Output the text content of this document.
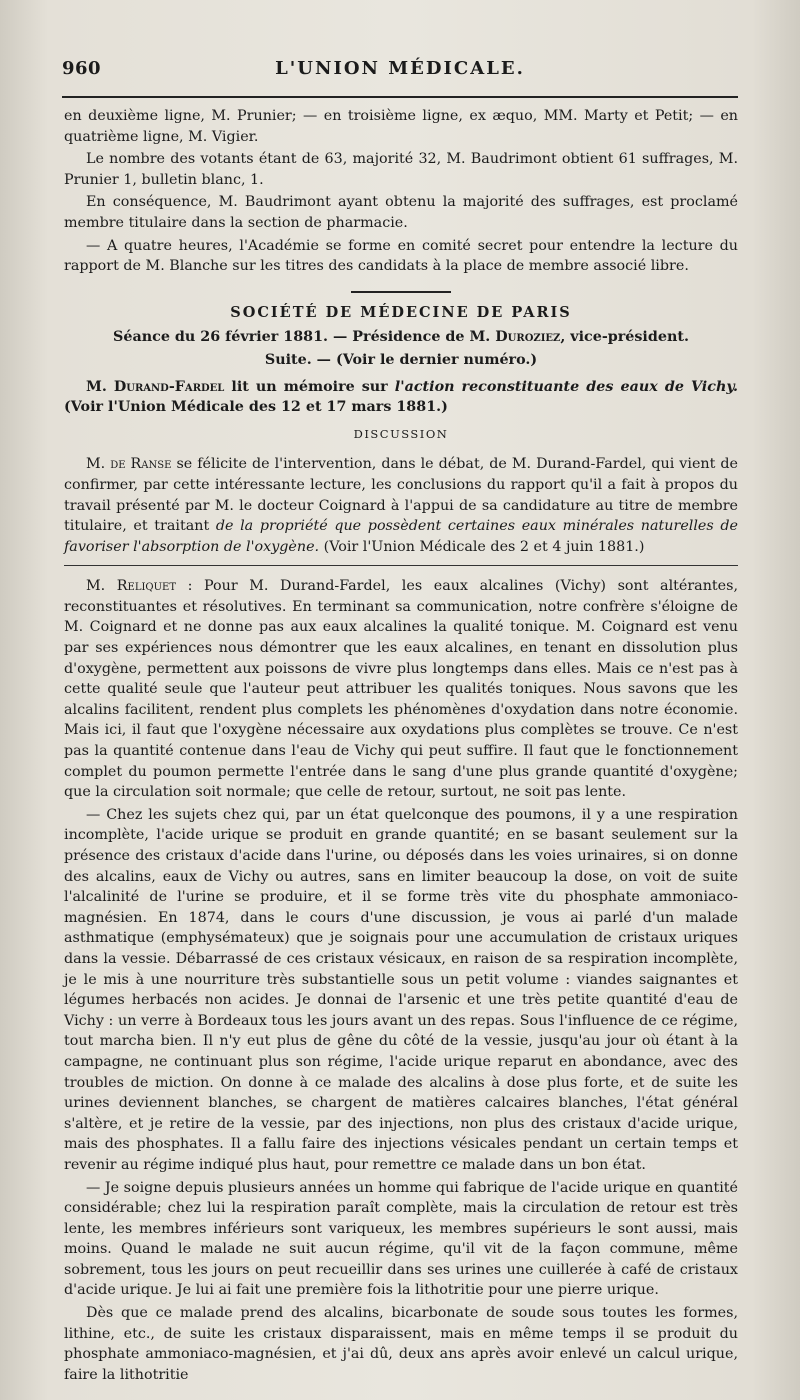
960	L'UNION MÉDICALE.

en deuxième ligne, M. Prunier; — en troisième ligne, ex æquo, MM. Marty et Petit; — en quatrième ligne, M. Vigier.

Le nombre des votants étant de 63, majorité 32, M. Baudrimont obtient 61 suffrages, M. Prunier 1, bulletin blanc, 1.

En conséquence, M. Baudrimont ayant obtenu la majorité des suffrages, est proclamé membre titulaire dans la section de pharmacie.

— A quatre heures, l'Académie se forme en comité secret pour entendre la lecture du rapport de M. Blanche sur les titres des candidats à la place de membre associé libre.

SOCIÉTÉ DE MÉDECINE DE PARIS
Séance du 26 février 1881. — Présidence de M. Duroziez, vice-président.
Suite. — (Voir le dernier numéro.)

M. Durand-Fardel lit un mémoire sur l'action reconstituante des eaux de Vichy. (Voir l'Union Médicale des 12 et 17 mars 1881.)

DISCUSSION

M. de Ranse se félicite de l'intervention, dans le débat, de M. Durand-Fardel, qui vient de confirmer, par cette intéressante lecture, les conclusions du rapport qu'il a fait à propos du travail présenté par M. le docteur Coignard à l'appui de sa candidature au titre de membre titulaire, et traitant de la propriété que possèdent certaines eaux minérales naturelles de favoriser l'absorption de l'oxygène. (Voir l'Union Médicale des 2 et 4 juin 1881.)

M. Reliquet : Pour M. Durand-Fardel, les eaux alcalines (Vichy) sont altérantes, reconstituantes et résolutives. En terminant sa communication, notre confrère s'éloigne de M. Coignard et ne donne pas aux eaux alcalines la qualité tonique. M. Coignard est venu par ses expériences nous démontrer que les eaux alcalines, en tenant en dissolution plus d'oxygène, permettent aux poissons de vivre plus longtemps dans elles. Mais ce n'est pas à cette qualité seule que l'auteur peut attribuer les qualités toniques. Nous savons que les alcalins facilitent, rendent plus complets les phénomènes d'oxydation dans notre économie. Mais ici, il faut que l'oxygène nécessaire aux oxydations plus complètes se trouve. Ce n'est pas la quantité contenue dans l'eau de Vichy qui peut suffire. Il faut que le fonctionnement complet du poumon permette l'entrée dans le sang d'une plus grande quantité d'oxygène; que la circulation soit normale; que celle de retour, surtout, ne soit pas lente.

— Chez les sujets chez qui, par un état quelconque des poumons, il y a une respiration incomplète, l'acide urique se produit en grande quantité; en se basant seulement sur la présence des cristaux d'acide dans l'urine, ou déposés dans les voies urinaires, si on donne des alcalins, eaux de Vichy ou autres, sans en limiter beaucoup la dose, on voit de suite l'alcalinité de l'urine se produire, et il se forme très vite du phosphate ammoniaco-magnésien. En 1874, dans le cours d'une discussion, je vous ai parlé d'un malade asthmatique (emphysémateux) que je soignais pour une accumulation de cristaux uriques dans la vessie. Débarrassé de ces cristaux vésicaux, en raison de sa respiration incomplète, je le mis à une nourriture très substantielle sous un petit volume : viandes saignantes et légumes herbacés non acides. Je donnai de l'arsenic et une très petite quantité d'eau de Vichy : un verre à Bordeaux tous les jours avant un des repas. Sous l'influence de ce régime, tout marcha bien. Il n'y eut plus de gêne du côté de la vessie, jusqu'au jour où étant à la campagne, ne continuant plus son régime, l'acide urique reparut en abondance, avec des troubles de miction. On donne à ce malade des alcalins à dose plus forte, et de suite les urines deviennent blanches, se chargent de matières calcaires blanches, l'état général s'altère, et je retire de la vessie, par des injections, non plus des cristaux d'acide urique, mais des phosphates. Il a fallu faire des injections vésicales pendant un certain temps et revenir au régime indiqué plus haut, pour remettre ce malade dans un bon état.

— Je soigne depuis plusieurs années un homme qui fabrique de l'acide urique en quantité considérable; chez lui la respiration paraît complète, mais la circulation de retour est très lente, les membres inférieurs sont variqueux, les membres supérieurs le sont aussi, mais moins. Quand le malade ne suit aucun régime, qu'il vit de la façon commune, même sobrement, tous les jours on peut recueillir dans ses urines une cuillerée à café de cristaux d'acide urique. Je lui ai fait une première fois la lithotritie pour une pierre urique.

Dès que ce malade prend des alcalins, bicarbonate de soude sous toutes les formes, lithine, etc., de suite les cristaux disparaissent, mais en même temps il se produit du phosphate ammoniaco-magnésien, et j'ai dû, deux ans après avoir enlevé un calcul urique, faire la lithotritie
